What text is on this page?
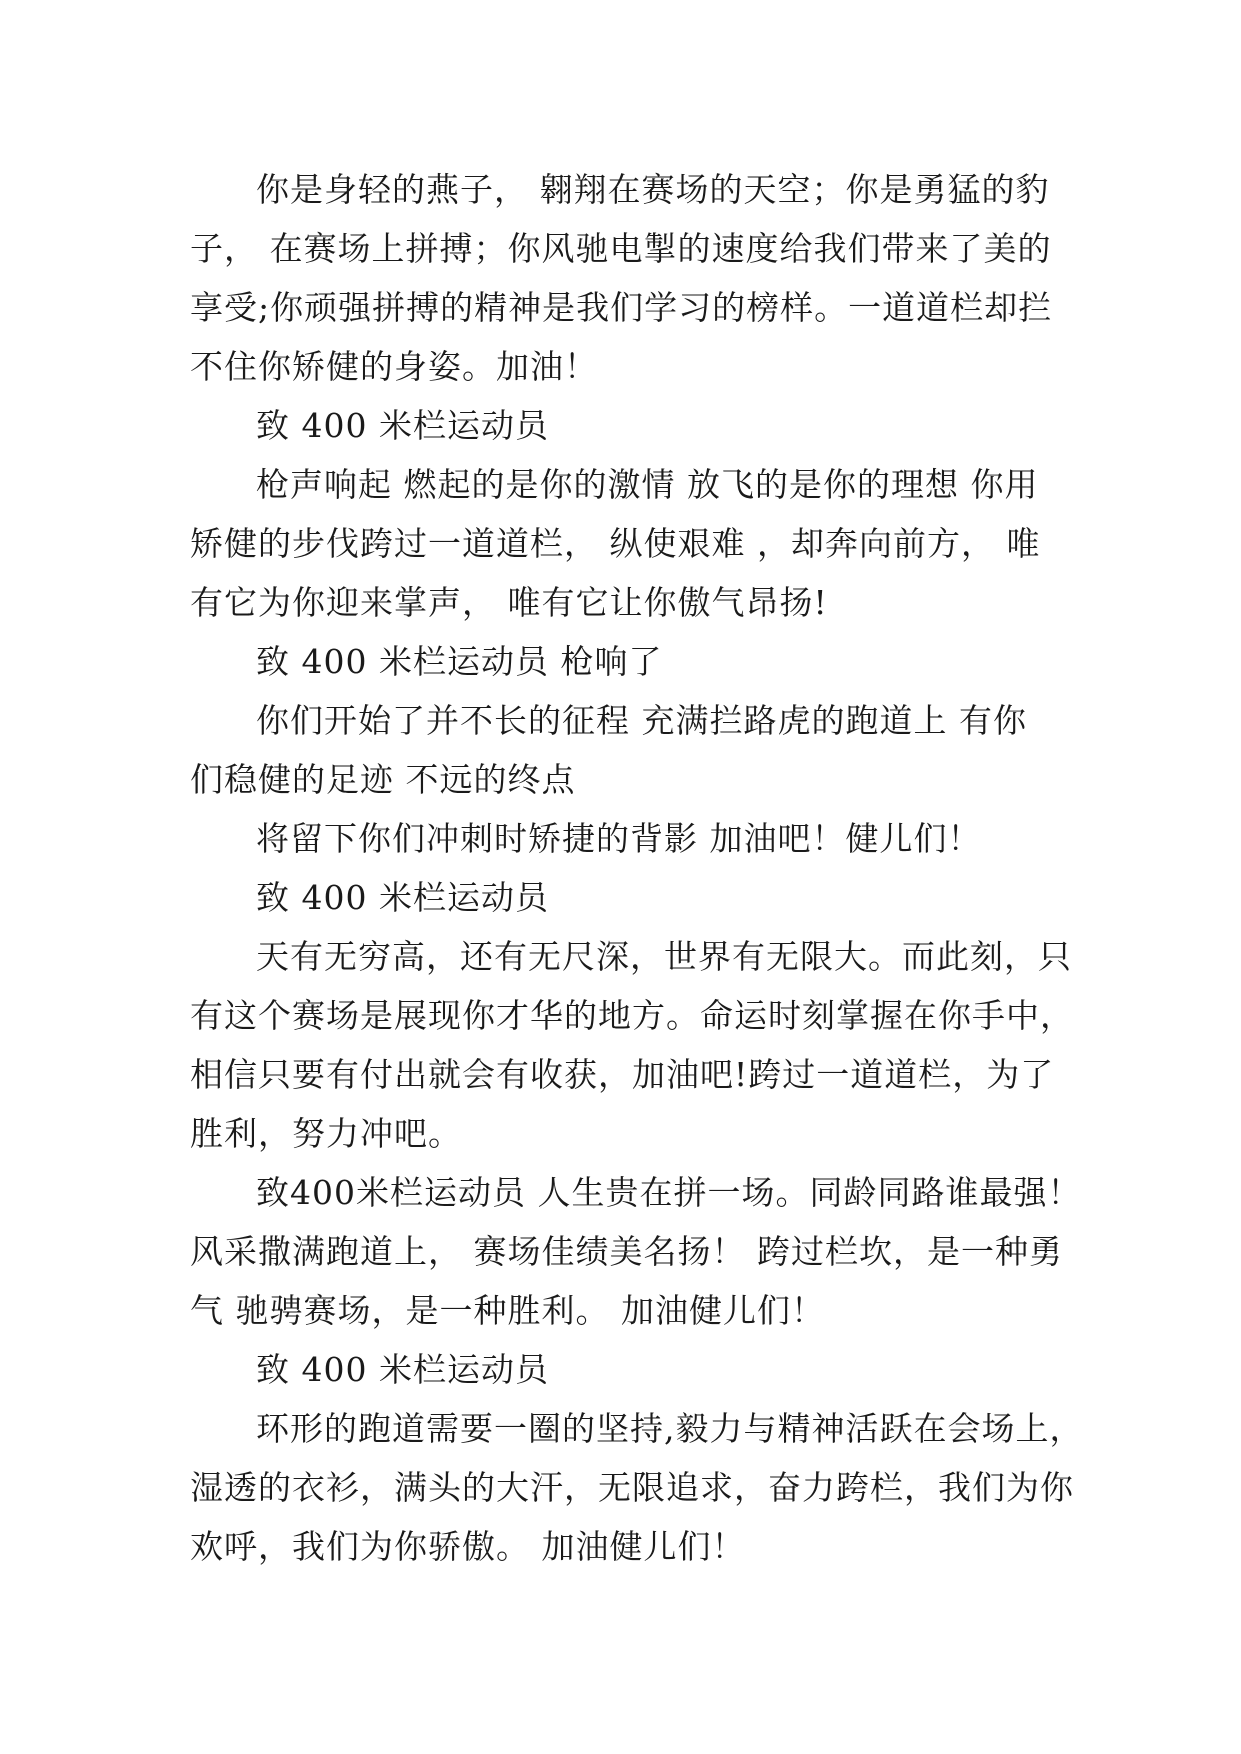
你是身轻的燕子， 翱翔在赛场的天空；你是勇猛的豹
子， 在赛场上拼搏；你风驰电掣的速度给我们带来了美的
享受;你顽强拼搏的精神是我们学习的榜样。一道道栏却拦
不住你矫健的身姿。加油！
致 400 米栏运动员
枪声响起 燃起的是你的激情 放飞的是你的理想 你用
矫健的步伐跨过一道道栏， 纵使艰难 ，却奔向前方， 唯
有它为你迎来掌声， 唯有它让你傲气昂扬!
致 400 米栏运动员 枪响了
你们开始了并不长的征程 充满拦路虎的跑道上 有你
们稳健的足迹 不远的终点
将留下你们冲刺时矫捷的背影 加油吧！健儿们！
致 400 米栏运动员
天有无穷高，还有无尺深，世界有无限大。而此刻，只
有这个赛场是展现你才华的地方。命运时刻掌握在你手中，
相信只要有付出就会有收获，加油吧!跨过一道道栏，为了
胜利，努力冲吧。
致400米栏运动员 人生贵在拼一场。同龄同路谁最强！
风采撒满跑道上， 赛场佳绩美名扬！ 跨过栏坎，是一种勇
气 驰骋赛场，是一种胜利。 加油健儿们！
致 400 米栏运动员
环形的跑道需要一圈的坚持,毅力与精神活跃在会场上，
湿透的衣衫，满头的大汗，无限追求，奋力跨栏，我们为你
欢呼，我们为你骄傲。 加油健儿们！
